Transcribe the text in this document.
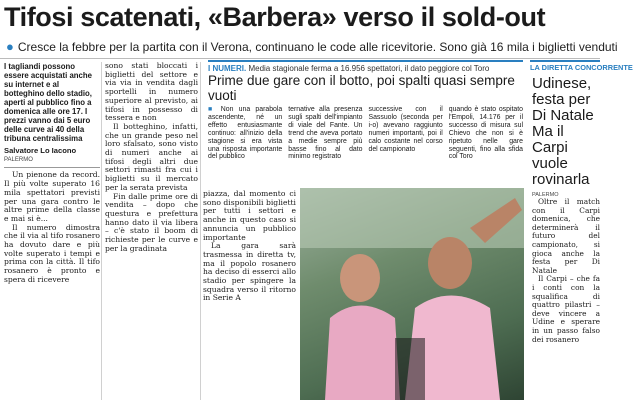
Tifosi scatenati, «Barbera» verso il sold-out
● Cresce la febbre per la partita con il Verona, continuano le code alle ricevitorie. Sono già 16 mila i biglietti venduti
I tagliandi possono essere acquistati anche su internet e al botteghino dello stadio, aperti al pubblico fino a domenica alle ore 17. I prezzi vanno dai 5 euro delle curve ai 40 della tribuna centralissima
Salvatore Lo Iacono
PALERMO

Un pienone da record. Il più volte superato 16 mila spettatori previsti per una gara contro le altre prime della classe e mai si è...

Il numero dimostra che il via al tifo rosanero ha dovuto dare e più volte superato i tempi e prima con la città. Il tifo rosanero è pronto e spera di ricevere

sono stati bloccati i biglietti del settore e via via in vendita dagli sportelli in numero superiore al previsto, ai tifosi in possesso di tessera e non

Il botteghino, infatti, che un grande peso nel loro sfalsato, sono visto di numeri anche ai tifosi degli altri due settori rimasti fra cui i biglietti su il mercato per la serata prevista

Fin dalle prime ore di vendita – dopo che questura e prefettura hanno dato il via libera – c'è stato il boom di richieste per le curve e per la gradinata

piazza, dal momento ci sono disponibili biglietti per tutti i settori e anche in questo caso si annuncia un pubblico importante

La gara sarà trasmessa in diretta tv, ma il popolo rosanero ha deciso di esserci allo stadio per spingere la squadra verso il ritorno in Serie A

I NUMERI. Media stagionale ferma a 16.956 spettatori, il dato peggiore col Toro
Prime due gare con il botto, poi spalti quasi sempre vuoti
■ Non una parabola ascendente, né un effetto entusiasmante continuo: all'inizio della stagione si era vista una risposta importante del pubblico
ternative alla presenza sugli spalti dell'impianto di viale del Fante. Un trend che aveva portato a medie sempre più basse fino al dato minimo registrato
successive con il Sassuolo (seconda per i-o) avevano raggiunto numeri importanti, poi il calo costante nel corso del campionato
quando è stato ospitato l'Empoli, 14.176 per il successo di misura sul Chievo che non si è ripetuto nelle gare seguenti, fino alla sfida col Toro
LA DIRETTA CONCORRENTE
Udinese, festa per Di Natale Ma il Carpi vuole rovinarla
PALERMO

Oltre il match con il Carpi domenica, che determinerà il futuro del campionato, si gioca anche la festa per Di Natale

Il Carpi – che fa i conti con la squalifica di quattro pilastri – deve vincere a Udine e sperare in un passo falso dei rosanero
